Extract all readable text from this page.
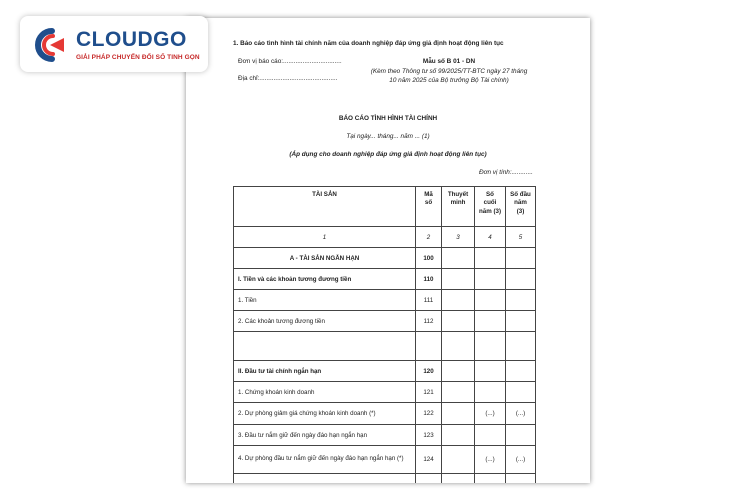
CLOUDGO
GIẢI PHÁP CHUYỂN ĐỔI SỐ TINH GỌN
1. Báo cáo tình hình tài chính năm của doanh nghiệp đáp ứng giả định hoạt động liên tục
Đơn vị báo cáo:.................................
Địa chỉ:............................................
Mẫu số B 01 - DN
(Kèm theo Thông tư số 99/2025/TT-BTC ngày 27 tháng
10 năm 2025 của Bộ trưởng Bộ Tài chính)
BÁO CÁO TÌNH HÌNH TÀI CHÍNH
Tại ngày... tháng... năm ... (1)
(Áp dụng cho doanh nghiệp đáp ứng giả định hoạt động liên tục)
Đơn vị tính:............
TÀI SẢN	Mã số	Thuyết minh	Số cuối năm (3)	Số đầu năm (3)
1	2	3	4	5
A - TÀI SẢN NGẮN HẠN	100			
I. Tiền và các khoản tương đương tiền	110			
1. Tiền	111			
2. Các khoản tương đương tiền	112			

II. Đầu tư tài chính ngắn hạn	120			
1. Chứng khoán kinh doanh	121			
2. Dự phòng giảm giá chứng khoán kinh doanh (*)	122		(...)	(...)
3. Đầu tư nắm giữ đến ngày đáo hạn ngắn hạn	123			
4. Dự phòng đầu tư nắm giữ đến ngày đáo hạn ngắn hạn (*)	124		(...)	(...)
